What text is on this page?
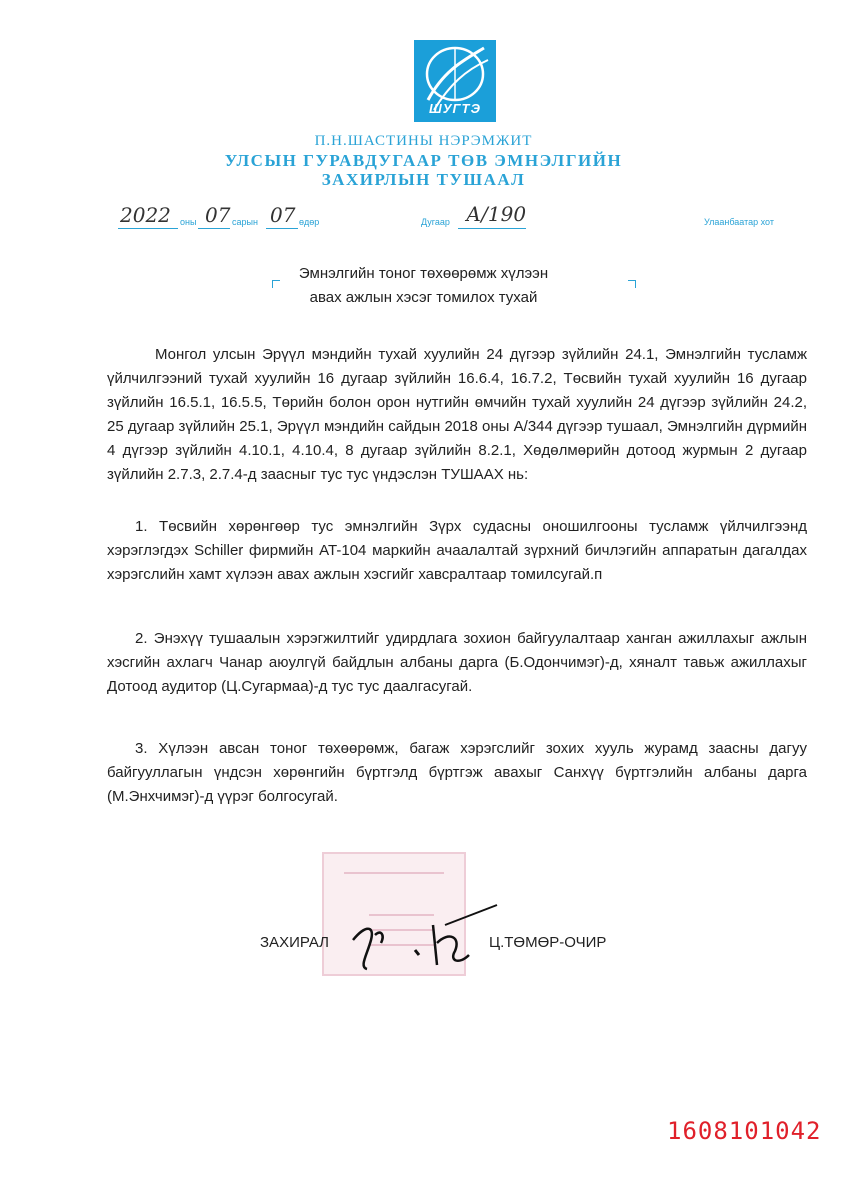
ШУГТЭ
П.Н.ШАСТИНЫ НЭРЭМЖИТ
УЛСЫН ГУРАВДУГААР ТӨВ ЭМНЭЛГИЙН
ЗАХИРЛЫН ТУШААЛ
2022 оны 07 сарын 07 өдөр	Дугаар А/190	Улаанбаатар хот
Эмнэлгийн тоног төхөөрөмж хүлээн
авах ажлын хэсэг томилох тухай
Монгол улсын Эрүүл мэндийн тухай хуулийн 24 дүгээр зүйлийн 24.1, Эмнэлгийн тусламж үйлчилгээний тухай хуулийн 16 дугаар зүйлийн 16.6.4, 16.7.2, Төсвийн тухай хуулийн 16 дугаар зүйлийн 16.5.1, 16.5.5, Төрийн болон орон нутгийн өмчийн тухай хуулийн 24 дүгээр зүйлийн 24.2, 25 дугаар зүйлийн 25.1, Эрүүл мэндийн сайдын 2018 оны А/344 дүгээр тушаал, Эмнэлгийн дүрмийн 4 дүгээр зүйлийн 4.10.1, 4.10.4, 8 дугаар зүйлийн 8.2.1, Хөдөлмөрийн дотоод журмын 2 дугаар зүйлийн 2.7.3, 2.7.4-д заасныг тус тус үндэслэн ТУШААХ нь:
1. Төсвийн хөрөнгөөр тус эмнэлгийн Зүрх судасны оношилгооны тусламж үйлчилгээнд хэрэглэгдэх Schiller фирмийн AT-104 маркийн ачаалалтай зүрхний бичлэгийн аппаратын дагалдах хэрэгслийн хамт хүлээн авах ажлын хэсгийг хавсралтаар томилсугай.п
2. Энэхүү тушаалын хэрэгжилтийг удирдлага зохион байгуулалтаар ханган ажиллахыг ажлын хэсгийн ахлагч Чанар аюулгүй байдлын албаны дарга (Б.Одончимэг)-д, хяналт тавьж ажиллахыг Дотоод аудитор (Ц.Сугармаа)-д тус тус даалгасугай.
3. Хүлээн авсан тоног төхөөрөмж, багаж хэрэгслийг зохих хууль журамд заасны дагуу байгууллагын үндсэн хөрөнгийн бүртгэлд бүртгэж авахыг Санхүү бүртгэлийн албаны дарга (М.Энхчимэг)-д үүрэг болгосугай.
ЗАХИРАЛ	Ц.ТӨМӨР-ОЧИР
1608101042
